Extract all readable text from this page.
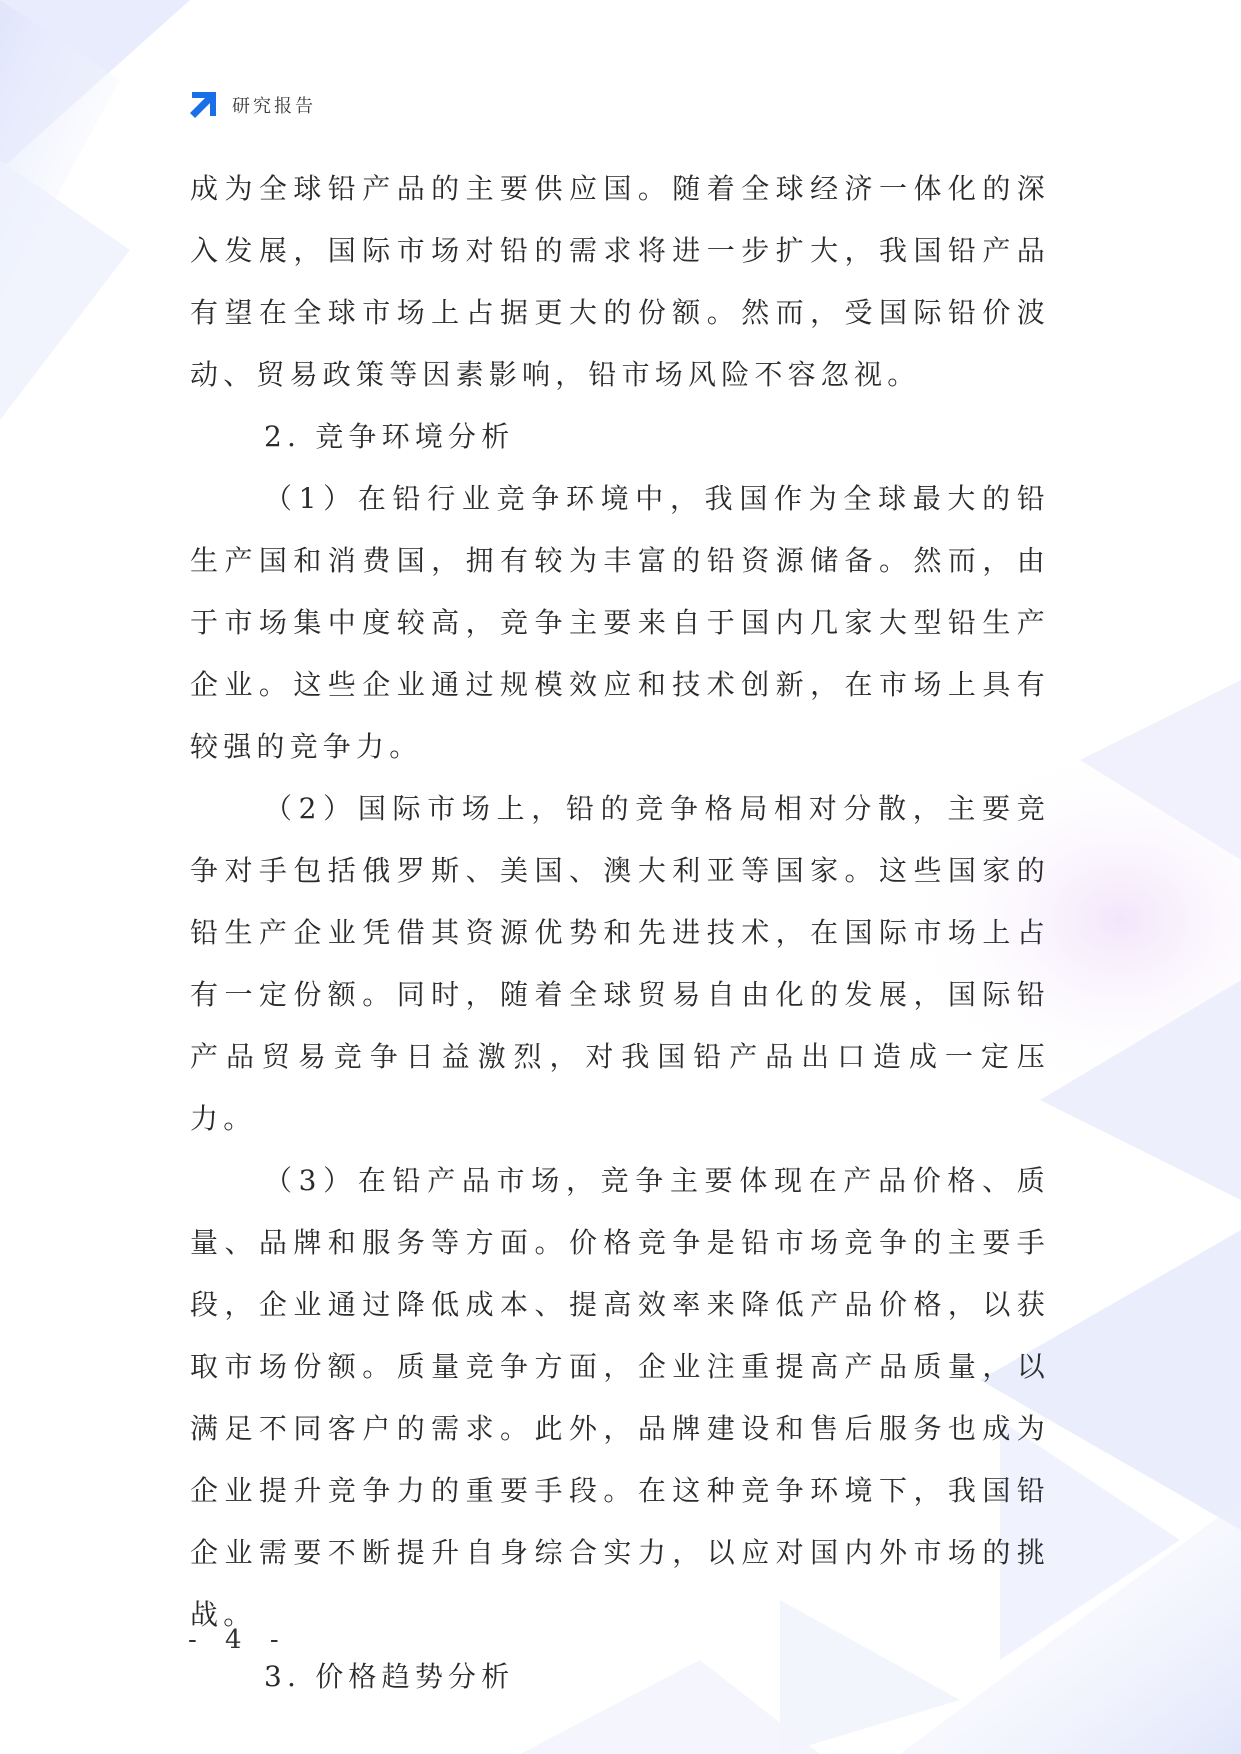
研究报告

成为全球铅产品的主要供应国。随着全球经济一体化的深入发展，国际市场对铅的需求将进一步扩大，我国铅产品有望在全球市场上占据更大的份额。然而，受国际铅价波动、贸易政策等因素影响，铅市场风险不容忽视。

2. 竞争环境分析

（1）在铅行业竞争环境中，我国作为全球最大的铅生产国和消费国，拥有较为丰富的铅资源储备。然而，由于市场集中度较高，竞争主要来自于国内几家大型铅生产企业。这些企业通过规模效应和技术创新，在市场上具有较强的竞争力。

（2）国际市场上，铅的竞争格局相对分散，主要竞争对手包括俄罗斯、美国、澳大利亚等国家。这些国家的铅生产企业凭借其资源优势和先进技术，在国际市场上占有一定份额。同时，随着全球贸易自由化的发展，国际铅产品贸易竞争日益激烈，对我国铅产品出口造成一定压力。

（3）在铅产品市场，竞争主要体现在产品价格、质量、品牌和服务等方面。价格竞争是铅市场竞争的主要手段，企业通过降低成本、提高效率来降低产品价格，以获取市场份额。质量竞争方面，企业注重提高产品质量，以满足不同客户的需求。此外，品牌建设和售后服务也成为企业提升竞争力的重要手段。在这种竞争环境下，我国铅企业需要不断提升自身综合实力，以应对国内外市场的挑战。

3. 价格趋势分析

- 4 -
